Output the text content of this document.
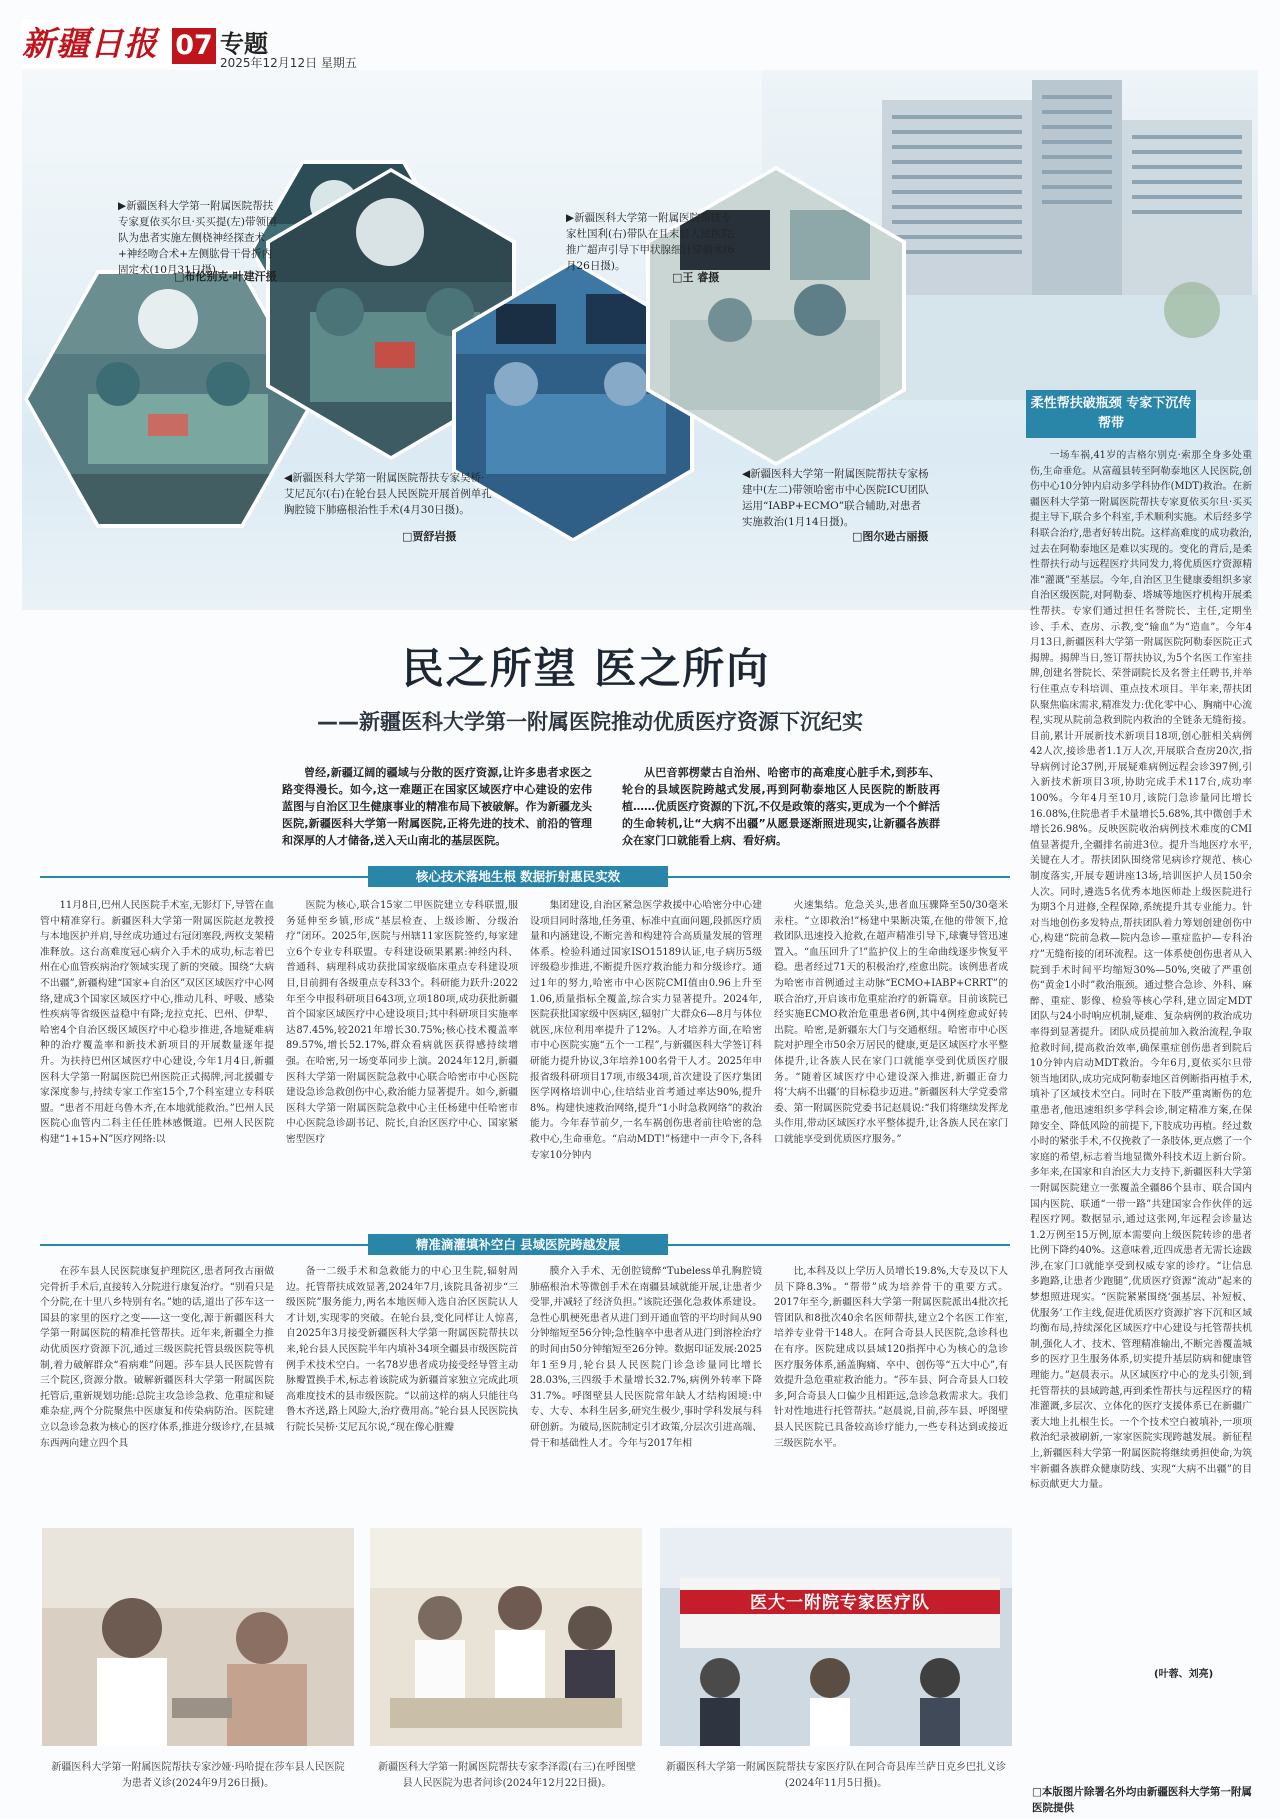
新疆日报 07 专题
2025年12月12日 星期五
▶新疆医科大学第一附属医院帮扶专家夏依买尔旦·买买提(左)带领团队为患者实施左侧桡神经探查术+神经吻合术+左侧肱骨干骨折内固定术(10月31日摄)。
□布伦别克·叶建汗摄
▶新疆医科大学第一附属医院帮扶专家杜国利(右)带队在且末县人民医院,推广超声引导下甲状腺细针穿刺术(6月26日摄)。
□王 睿摄
◀新疆医科大学第一附属医院帮扶专家吴桥·艾尼瓦尔(右)在轮台县人民医院开展首例单孔胸腔镜下肺癌根治性手术(4月30日摄)。
□贾舒岩摄
◀新疆医科大学第一附属医院帮扶专家杨建中(左二)带领哈密市中心医院ICU团队运用“IABP+ECMO”联合辅助,对患者实施救治(1月14日摄)。
□图尔逊古丽摄
柔性帮扶破瓶颈 专家下沉传帮带
民之所望 医之所向
——新疆医科大学第一附属医院推动优质医疗资源下沉纪实
曾经,新疆辽阔的疆域与分散的医疗资源,让许多患者求医之路变得漫长。如今,这一难题正在国家区域医疗中心建设的宏伟蓝图与自治区卫生健康事业的精准布局下被破解。作为新疆龙头医院,新疆医科大学第一附属医院,正将先进的技术、前沿的管理和深厚的人才储备,送入天山南北的基层医院。
从巴音郭楞蒙古自治州、哈密市的高难度心脏手术,到莎车、轮台的县域医院跨越式发展,再到阿勒泰地区人民医院的断肢再植……优质医疗资源的下沉,不仅是政策的落实,更成为一个个鲜活的生命转机,让“大病不出疆”从愿景逐渐照进现实,让新疆各族群众在家门口就能看上病、看好病。
核心技术落地生根 数据折射惠民实效

11月8日,巴州人民医院手术室,无影灯下,导管在血管中精准穿行。新疆医科大学第一附属医院赵龙教授与本地医护并肩,导丝成功通过右冠闭塞段,两枚支架精准释放。这台高难度冠心病介入手术的成功,标志着巴州在心血管疾病治疗领域实现了新的突破。围绕“大病不出疆”,新疆构建“国家+自治区”双区区域医疗中心网络,建成3个国家区域医疗中心,推动儿科、呼吸、感染性疾病等省级医益稳中有降;龙拉克托、巴州、伊犁、哈密4个自治区级区域医疗中心稳步推进,各地疑难病种的治疗覆盖率和新技术新项目的开展数量逐年提升。为扶持巴州区域医疗中心建设,今年1月4日,新疆医科大学第一附属医院巴州医院正式揭牌,河北援疆专家深度参与,持续专家工作室15个,7个科室建立专科联盟。“患者不用赶乌鲁木齐,在本地就能救治。”巴州人民医院心血管内二科主任任胜林感慨道。巴州人民医院构建“1+15+N”医疗网络:以

医院为核心,联合15家二甲医院建立专科联盟,服务延伸至乡镇,形成“基层检查、上级诊断、分级治疗”闭环。2025年,医院与州辖11家医院签约,每家建立6个专业专科联盟。专科建设硕果累累:神经内科、普通科、病理科成功获批国家级临床重点专科建设项目,目前拥有各级重点专科33个。科研能力跃升:2022年至今申报科研项目643项,立项180项,成功获批新疆首个国家区域医疗中心建设项目;其中科研项目实施率达87.45%,较2021年增长30.75%;核心技术覆盖率89.57%,增长52.17%,群众看病就医获得感持续增强。在哈密,另一场变革同步上演。2024年12月,新疆医科大学第一附属医院急救中心联合哈密市中心医院建设急诊急救创伤中心,救治能力显著提升。如今,新疆医科大学第一附属医院急救中心主任杨建中任哈密市中心医院急诊副书记、院长,自治区医疗中心、国家紧密型医疗

集团建设,自治区紧急医学救援中心哈密分中心建设项目同时落地,任务重、标准中直面问题,段抓医疗质量和内涵建设,不断完善和构建符合高质量发展的管理体系。检验科通过国家ISO15189认证,电子病历5级评级稳步推进,不断提升医疗救治能力和分级诊疗。通过1年的努力,哈密市中心医院CMI值由0.96上升至1.06,质量指标全覆盖,综合实力显著提升。2024年,医院获批国家级中医病区,辐射广大群众6—8月与体位就医,床位利用率提升了12%。人才培养方面,在哈密市中心医院实施“五个一工程”,与新疆医科大学签订科研能力提升协议,3年培养100名骨干人才。2025年申报省级科研项目17项,市级34项,首次建设了医疗集团医学网格培训中心,住培结业首考通过率达90%,提升8%。构建快速救治网络,提升“1小时急救网络”的救治能力。今年春节前夕,一名车祸创伤患者前往哈密的急救中心,生命垂危。“启动MDT!”杨建中一声令下,各科专家10分钟内

火速集结。危急关头,患者血压骤降至50/30毫米汞柱。“立即救治!”杨建中果断决策,在他的带领下,抢救团队迅速投入抢救,在超声精准引导下,球囊导管迅速置入。“血压回升了!”监护仪上的生命曲线逐步恢复平稳。患者经过71天的积极治疗,痊愈出院。该例患者成为哈密市首例通过主动脉“ECMO+IABP+CRRT”的联合治疗,开启该市危重症治疗的新篇章。目前该院已经实施ECMO救治危重患者6例,其中4例痊愈或好转出院。哈密,是新疆东大门与交通枢纽。哈密市中心医院对护理全市50余万居民的健康,更是区域医疗水平整体提升,让各族人民在家门口就能享受到优质医疗服务。“随着区域医疗中心建设深入推进,新疆正奋力将‘大病不出疆’的目标稳步迈进。”新疆医科大学党委常委、第一附属医院党委书记赵晨说:“我们将继续发挥龙头作用,带动区域医疗水平整体提升,让各族人民在家门口就能享受到优质医疗服务。”

精准滴灌填补空白 县域医院跨越发展

在莎车县人民医院康复护理院区,患者阿孜古丽做完骨折手术后,直接转入分院进行康复治疗。“别看只是个分院,在十里八乡特别有名。”她的话,道出了莎车这一国县的家里的医疗之变——这一变化,源于新疆医科大学第一附属医院的精准托管帮扶。近年来,新疆全力推动优质医疗资源下沉,通过三级医院托管县级医院等机制,着力破解群众“看病难”问题。莎车县人民医院曾有三个院区,资源分散。破解新疆医科大学第一附属医院托管后,重新规划功能:总院主攻急诊急救、危重症和疑难杂症,两个分院聚焦中医康复和传染病防治。医院建立以急诊急救为核心的医疗体系,推进分级诊疗,在县城东西两向建立四个具

备一二级手术和急救能力的中心卫生院,辐射周边。托管帮扶成效显著,2024年7月,该院具备初步“三级医院”服务能力,两名本地医师入选自治区医院认人才计划,实现零的突破。在轮台县,变化同样让人惊喜,自2025年3月接受新疆医科大学第一附属医院帮扶以来,轮台县人民医院半年内填补34项全疆县市级医院首例手术技术空白。一名78岁患者成功接受经导管主动脉瓣置换手术,标志着该院成为新疆首家独立完成此项高难度技术的县市级医院。“以前这样的病人只能往乌鲁木齐送,路上风险大,治疗费用高。”轮台县人民医院执行院长吴桥·艾尼瓦尔说,“现在像心脏瓣

膜介入手术、无创腔镜醉“Tubeless单孔胸腔镜肺癌根治术等微创手术在南疆县域就能开展,让患者少受罪,并减轻了经济负担。”该院还强化急救体系建设。急性心肌梗死患者从进门到开通血管的平均时间从90分钟缩短至56分钟;急性脑卒中患者从进门到溶栓治疗的时间由50分钟缩短至26分钟。数据印证发展:2025年1至9月,轮台县人民医院门诊急诊量同比增长28.03%,三四级手术量增长32.7%,病例外转率下降31.7%。呼图壁县人民医院常年缺人才结构困境:中专、大专、本科生居多,研究生极少,事时学科发展与科研创新。为破局,医院制定引才政策,分层次引进高端、骨干和基础性人才。今年与2017年相

比,本科及以上学历人员增长19.8%,大专及以下人员下降8.3%。“帮带”成为培养骨干的重要方式。2017年至今,新疆医科大学第一附属医院派出4批次托管团队和8批次40余名医师帮扶,建立2个名医工作室,培养专业骨干148人。在阿合奇县人民医院,急诊科也在有序。医院建成以县域120指挥中心为核心的急诊医疗服务体系,涵盖胸痛、卒中、创伤等“五大中心”,有效提升急危重症救治能力。“莎车县、阿合奇县人口较多,阿合奇县人口偏少且相距远,急诊急救需求大。我们针对性地进行托管帮扶。”赵晨说,目前,莎车县、呼图壁县人民医院已具备较高诊疗能力,一些专科达到或接近三级医院水平。

一场车祸,41岁的吉格尔别克·索那全身多处重伤,生命垂危。从富蕴县转至阿勒泰地区人民医院,创伤中心10分钟内启动多学科协作(MDT)救治。在新疆医科大学第一附属医院帮扶专家夏依买尔旦·买买提主导下,联合多个科室,手术顺利实施。术后经多学科联合治疗,患者好转出院。这样高难度的成功救治,过去在阿勒泰地区是难以实现的。变化的背后,是柔性帮扶行动与远程医疗共同发力,将优质医疗资源精准“灌溉”至基层。今年,自治区卫生健康委组织多家自治区级医院,对阿勒泰、塔城等地医疗机构开展柔性帮扶。专家们通过担任名誉院长、主任,定期坐诊、手术、查房、示教,变“输血”为“造血”。今年4月13日,新疆医科大学第一附属医院阿勒泰医院正式揭牌。揭牌当日,签订帮扶协议,为5个名医工作室挂牌,创建名誉院长、荣誉副院长及名誉主任聘书,并举行住重点专科培训、重点技术项目。半年来,帮扶团队聚焦临床需求,精准发力:优化零中心、胸痛中心流程,实现从院前急救到院内救治的全链条无缝衔接。目前,累计开展新技术新项目18项,创心脏相关病例42人次,接诊患者1.1万人次,开展联合查房20次,指导病例讨论37例,开展疑难病例远程会诊397例,引入新技术新项目3项,协助完成手术117台,成功率100%。今年4月至10月,该院门急诊量同比增长16.08%,住院患者手术量增长5.68%,其中微创手术增长26.98%。反映医院收治病例技术难度的CMI值显著提升,全疆排名前进3位。提升当地医疗水平,关键在人才。帮扶团队围绕常见病诊疗规范、核心制度落实,开展专题讲座13场,培训医护人员150余人次。同时,遴选5名优秀本地医师赴上级医院进行为期3个月进修,全程保障,系统提升其专业能力。针对当地创伤多发特点,帮扶团队着力筹划创建创伤中心,构建“院前急救—院内急诊—重症监护—专科治疗”无缝衔接的闭环流程。这一体系使创伤患者从入院到手术时间平均缩短30%—50%,突破了严重创伤“黄金1小时”救治瓶颈。通过整合急诊、外科、麻醉、重症、影像、检验等核心学科,建立固定MDT团队与24小时响应机制,疑难、复杂病例的救治成功率得到显著提升。团队成员提前加入救治流程,争取抢救时间,提高救治效率,确保重症创伤患者到院后10分钟内启动MDT救治。今年6月,夏依买尔旦带领当地团队,成功完成阿勒泰地区首例断指再植手术,填补了区域技术空白。同时在下肢严重离断伤的危重患者,他迅速组织多学科会诊,制定精准方案,在保障安全、降低风险的前提下,下肢成功再植。经过数小时的紧张手术,不仅挽救了一条肢体,更点燃了一个家庭的希望,标志着当地显微外科技术迈上新台阶。多年来,在国家和自治区大力支持下,新疆医科大学第一附属医院建立一张覆盖全疆86个县市、联合国内国内医院、联通“一带一路”共建国家合作伙伴的远程医疗网。数据显示,通过这张网,年远程会诊量达1.2万例至15万例,原本需要向上级医院转诊的患者比例下降约40%。这意味着,近四成患者无需长途跋涉,在家门口就能享受到权威专家的诊疗。“让信息多跑路,让患者少跑腿”,优质医疗资源“流动”起来的梦想照进现实。“医院紧紧围绕‘强基层、补短板、优服务’工作主线,促进优质医疗资源扩容下沉和区域均衡布局,持续深化区域医疗中心建设与托管帮扶机制,强化人才、技术、管理精准输出,不断完善覆盖城乡的医疗卫生服务体系,切实提升基层防病和健康管理能力。”赵晨表示。从区域医疗中心的龙头引领,到托管帮扶的县域跨越,再到柔性帮扶与远程医疗的精准灌溉,多层次、立体化的医疗支援体系已在新疆广袤大地上扎根生长。一个个技术空白被填补,一项项救治纪录被刷新,一家家医院实现跨越发展。新征程上,新疆医科大学第一附属医院将继续勇担使命,为筑牢新疆各族群众健康防线、实现“大病不出疆”的目标贡献更大力量。

(叶蓉、刘亮)
医大一附院专家医疗队
新疆医科大学第一附属医院帮扶专家沙娅·玛哈提在莎车县人民医院为患者义诊(2024年9月26日摄)。
新疆医科大学第一附属医院帮扶专家李泽霞(右三)在呼图壁县人民医院为患者问诊(2024年12月22日摄)。
新疆医科大学第一附属医院帮扶专家医疗队在阿合奇县库兰萨日克乡巴扎义诊(2024年11月5日摄)。
□本版图片除署名外均由新疆医科大学第一附属医院提供
